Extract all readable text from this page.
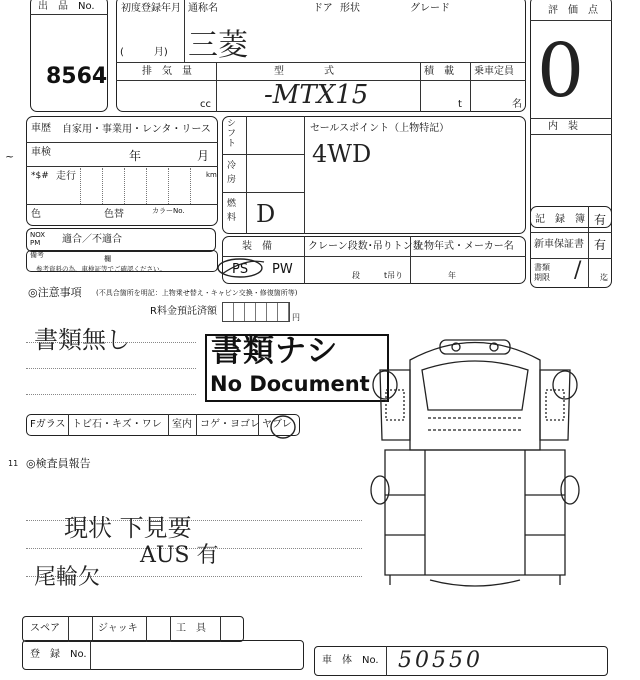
出　品　No.
8564
初度登録年月
(　　　月)
通称名	ドア 形状	グレード
三菱
排　気　量
cc
型　　　　式
-MTX15
積　載
t
乗車定員
名
評　価　点
0
内　装
車歴 自家用・事業用・レンタ・リース
車検	年	月
*$# 走行	km
色	色替	カラーNo.
NOX
PM	適合／不適合
備考	欄
参考資料の為、車検証等でご確認ください。
~
シフト
冷房
燃料 D
セールスポイント（上物特記）
4WD
装　備
PS PW
クレーン段数･吊りトン数
段	t吊り
上物年式・メーカー名
年
記　録　簿 有
新車保証書 有
書類
期限 / 迄
◎注意事項 (不具合箇所を明記：上物乗せ替え・キャビン交換・修復箇所等)
R料金預託済額
円
書類無し	書類ナシ
No Document
Fガラス トビ石・キズ・ワレ 室内 コゲ・ヨゴレ ヤブレ
11 ◎検査員報告
現状 下見要
AUS 有
尾輪欠
スペア	ジャッキ	工　具
登　録　No.
車　体　No. 50550
